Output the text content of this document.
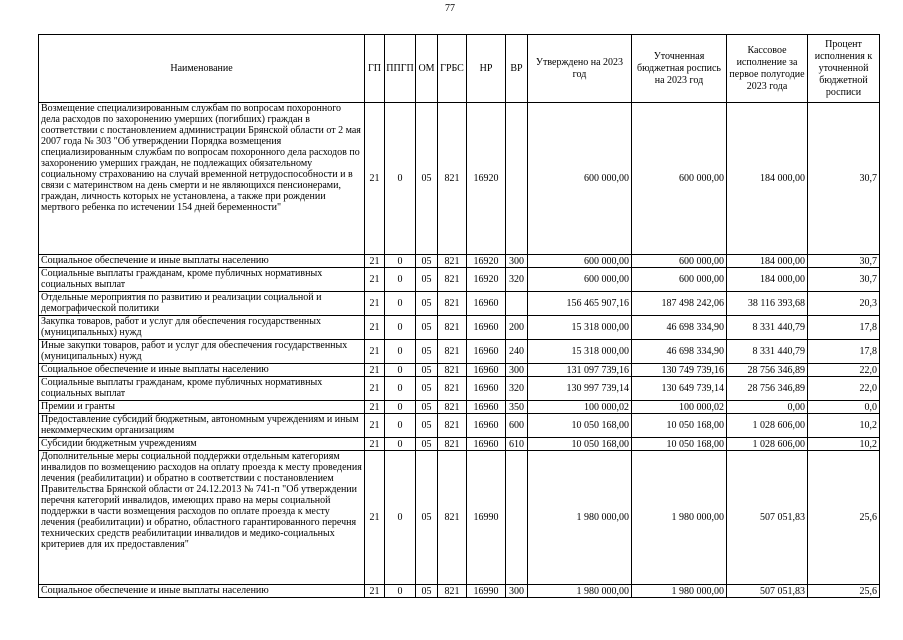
77
Наименование	ГП	ППГП	ОМ	ГРБС	НР	ВР	Утверждено на 2023 год	Уточненная бюджетная роспись на 2023 год	Кассовое исполнение за первое полугодие 2023 года	Процент исполнения к уточненной бюджетной росписи
Возмещение специализированным службам по вопросам похоронного дела расходов по захоронению умерших (погибших) граждан в соответствии с постановлением администрации Брянской области от 2 мая 2007 года № 303 "Об утверждении Порядка возмещения специализированным службам по вопросам похоронного дела расходов по захоронению умерших граждан, не подлежащих обязательному социальному страхованию на случай временной нетрудоспособности и в связи с материнством на день смерти и не являющихся пенсионерами, граждан, личность которых не установлена, а также при рождении мертвого ребенка по истечении 154 дней беременности"	21	0	05	821	16920		600 000,00	600 000,00	184 000,00	30,7
Социальное обеспечение и иные выплаты населению	21	0	05	821	16920	300	600 000,00	600 000,00	184 000,00	30,7
Социальные выплаты гражданам, кроме публичных нормативных социальных выплат	21	0	05	821	16920	320	600 000,00	600 000,00	184 000,00	30,7
Отдельные мероприятия по развитию и реализации социальной и демографической политики	21	0	05	821	16960		156 465 907,16	187 498 242,06	38 116 393,68	20,3
Закупка товаров, работ и услуг для обеспечения государственных (муниципальных) нужд	21	0	05	821	16960	200	15 318 000,00	46 698 334,90	8 331 440,79	17,8
Иные закупки товаров, работ и услуг для обеспечения государственных (муниципальных) нужд	21	0	05	821	16960	240	15 318 000,00	46 698 334,90	8 331 440,79	17,8
Социальное обеспечение и иные выплаты населению	21	0	05	821	16960	300	131 097 739,16	130 749 739,16	28 756 346,89	22,0
Социальные выплаты гражданам, кроме публичных нормативных социальных выплат	21	0	05	821	16960	320	130 997 739,14	130 649 739,14	28 756 346,89	22,0
Премии и гранты	21	0	05	821	16960	350	100 000,02	100 000,02	0,00	0,0
Предоставление субсидий бюджетным, автономным учреждениям и иным некоммерческим организациям	21	0	05	821	16960	600	10 050 168,00	10 050 168,00	1 028 606,00	10,2
Субсидии бюджетным учреждениям	21	0	05	821	16960	610	10 050 168,00	10 050 168,00	1 028 606,00	10,2
Дополнительные меры социальной поддержки отдельным категориям инвалидов по возмещению расходов на оплату проезда к месту проведения лечения (реабилитации) и обратно в соответствии с постановлением Правительства Брянской области от 24.12.2013 № 741-п "Об утверждении перечня категорий инвалидов, имеющих право на меры социальной поддержки в части возмещения расходов по оплате проезда к месту лечения (реабилитации) и обратно, областного гарантированного перечня технических средств реабилитации инвалидов и медико-социальных критериев для их предоставления"	21	0	05	821	16990		1 980 000,00	1 980 000,00	507 051,83	25,6
Социальное обеспечение и иные выплаты населению	21	0	05	821	16990	300	1 980 000,00	1 980 000,00	507 051,83	25,6
